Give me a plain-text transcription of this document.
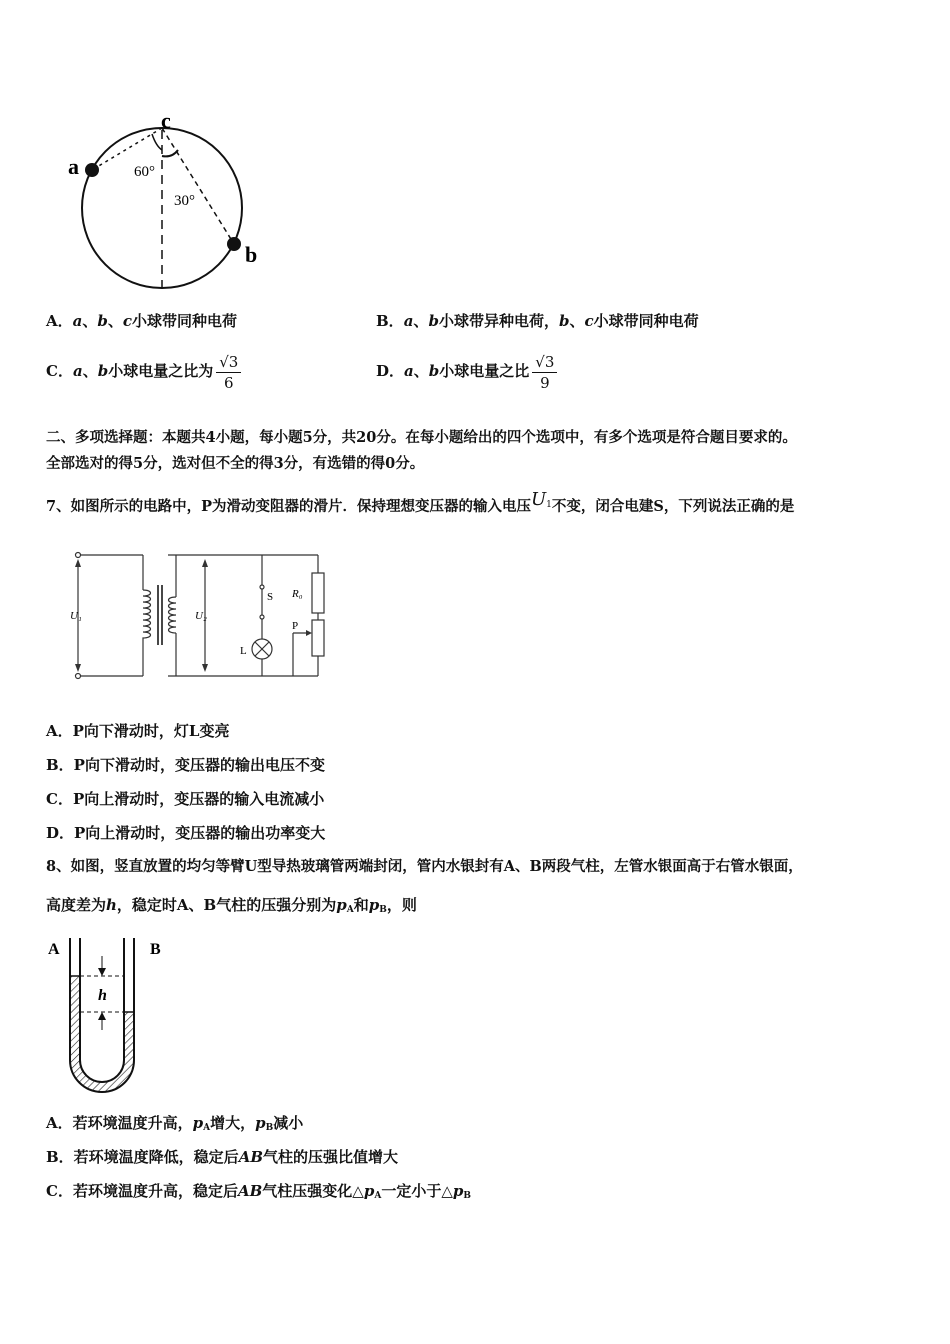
c
a
b
60°
30°
A．a、b、c小球带同种电荷	B．a、b小球带异种电荷，b、c小球带同种电荷
C．a、b小球电量之比为 $\frac{√3}{6}$	D．a、b小球电量之比 $\frac{√3}{9}$
二、多项选择题：本题共4小题，每小题5分，共20分。在每小题给出的四个选项中，有多个选项是符合题目要求的。
全部选对的得5分，选对但不全的得3分，有选错的得0分。
7、如图所示的电路中，P为滑动变阻器的滑片．保持理想变压器的输入电压$U^1$不变，闭合电建S，下列说法正确的是
U₁	U₂
S R₀
P
L
A．P向下滑动时，灯L变亮
B．P向下滑动时，变压器的输出电压不变
C．P向上滑动时，变压器的输入电流减小
D．P向上滑动时，变压器的输出功率变大
8、如图，竖直放置的均匀等臂U型导热玻璃管两端封闭，管内水银封有A、B两段气柱，左管水银面高于右管水银面，
高度差为h，稳定时A、B气柱的压强分别为$p_A$和$p_B$，则
A	B
h
A．若环境温度升高，$p_A$增大，$p_B$减小
B．若环境温度降低，稳定后AB气柱的压强比值增大
C．若环境温度升高，稳定后AB气柱压强变化$\triangle p_A$一定小于$\triangle p_B$
